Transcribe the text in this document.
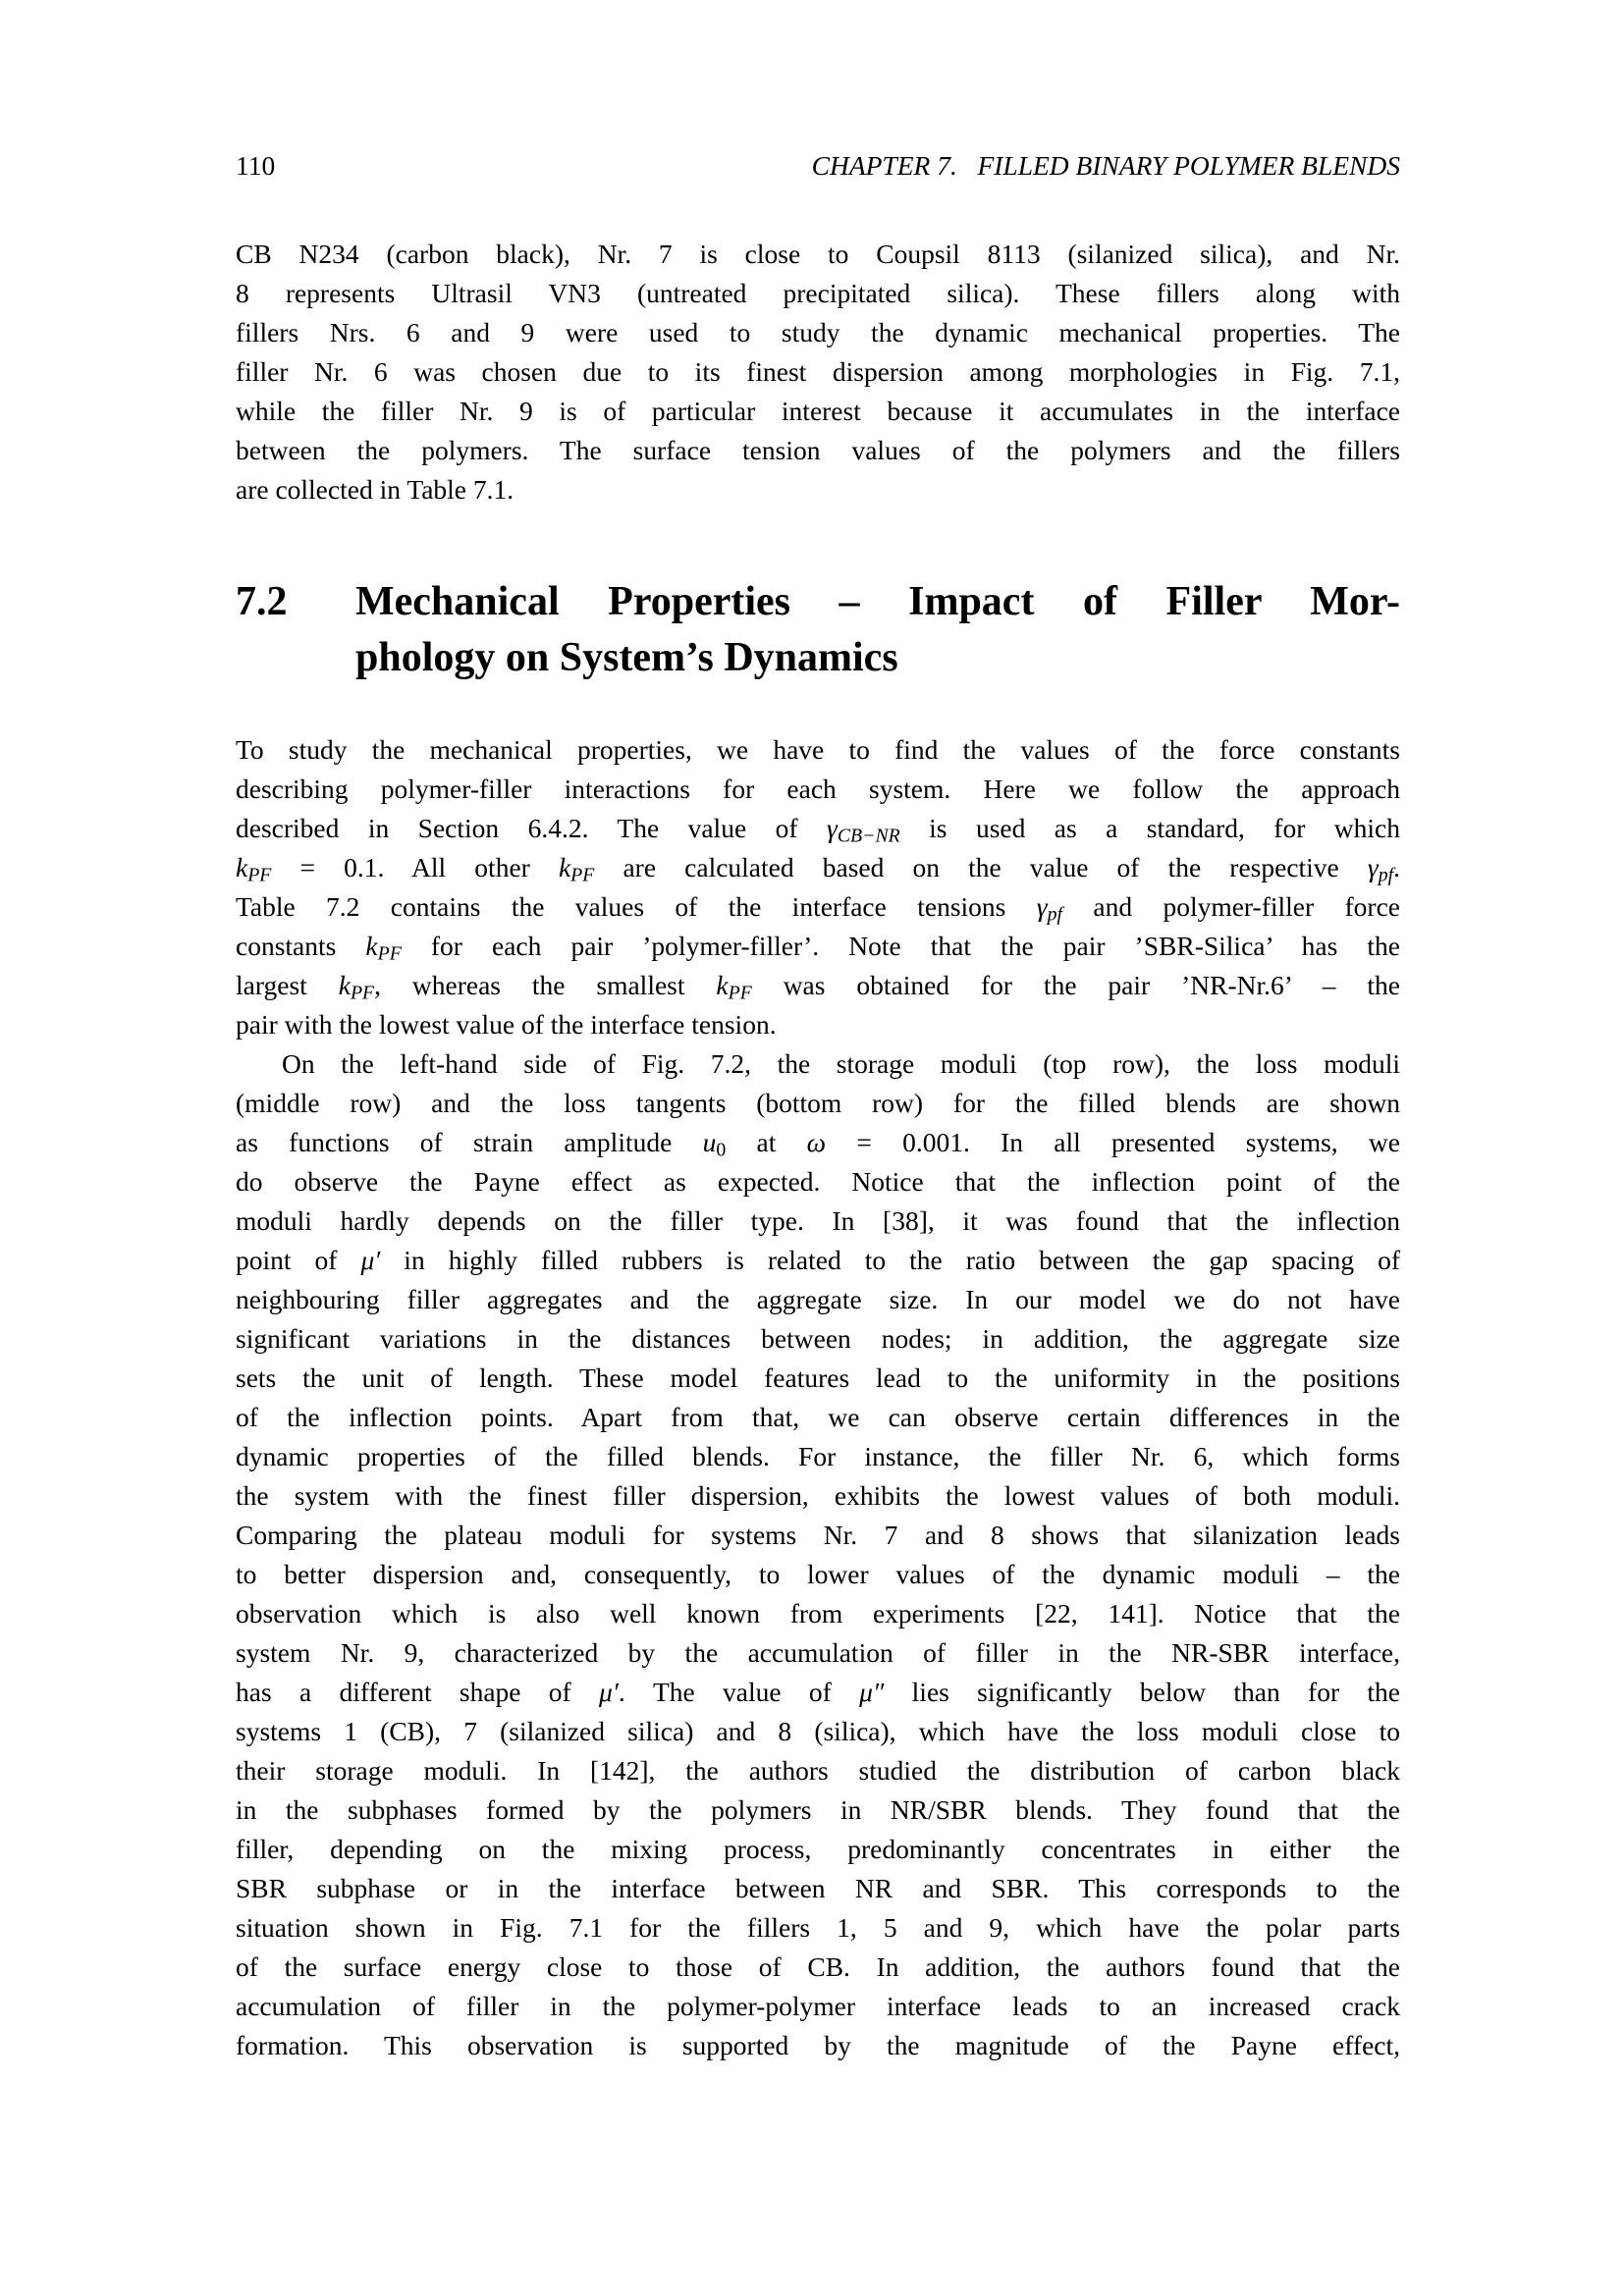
110	CHAPTER 7.  FILLED BINARY POLYMER BLENDS
CB N234 (carbon black), Nr. 7 is close to Coupsil 8113 (silanized silica), and Nr.
8 represents Ultrasil VN3 (untreated precipitated silica). These fillers along with
fillers Nrs. 6 and 9 were used to study the dynamic mechanical properties. The
filler Nr. 6 was chosen due to its finest dispersion among morphologies in Fig. 7.1,
while the filler Nr. 9 is of particular interest because it accumulates in the interface
between the polymers. The surface tension values of the polymers and the fillers
are collected in Table 7.1.
7.2	Mechanical Properties – Impact of Filler Mor-
phology on System’s Dynamics
To study the mechanical properties, we have to find the values of the force constants
describing polymer-filler interactions for each system. Here we follow the approach
described in Section 6.4.2. The value of $\gamma_{CB-NR}$ is used as a standard, for which
$k_{PF} = 0.1$. All other $k_{PF}$ are calculated based on the value of the respective $\gamma_{pf}$.
Table 7.2 contains the values of the interface tensions $\gamma_{pf}$ and polymer-filler force
constants $k_{PF}$ for each pair ’polymer-filler’. Note that the pair ’SBR-Silica’ has the
largest $k_{PF}$, whereas the smallest $k_{PF}$ was obtained for the pair ’NR-Nr.6’ – the
pair with the lowest value of the interface tension.
On the left-hand side of Fig. 7.2, the storage moduli (top row), the loss moduli
(middle row) and the loss tangents (bottom row) for the filled blends are shown
as functions of strain amplitude $u_0$ at ω = 0.001. In all presented systems, we
do observe the Payne effect as expected. Notice that the inflection point of the
moduli hardly depends on the filler type. In [38], it was found that the inflection
point of μ′ in highly filled rubbers is related to the ratio between the gap spacing of
neighbouring filler aggregates and the aggregate size. In our model we do not have
significant variations in the distances between nodes; in addition, the aggregate size
sets the unit of length. These model features lead to the uniformity in the positions
of the inflection points. Apart from that, we can observe certain differences in the
dynamic properties of the filled blends. For instance, the filler Nr. 6, which forms
the system with the finest filler dispersion, exhibits the lowest values of both moduli.
Comparing the plateau moduli for systems Nr. 7 and 8 shows that silanization leads
to better dispersion and, consequently, to lower values of the dynamic moduli – the
observation which is also well known from experiments [22, 141]. Notice that the
system Nr. 9, characterized by the accumulation of filler in the NR-SBR interface,
has a different shape of μ′. The value of μ″ lies significantly below than for the
systems 1 (CB), 7 (silanized silica) and 8 (silica), which have the loss moduli close to
their storage moduli. In [142], the authors studied the distribution of carbon black
in the subphases formed by the polymers in NR/SBR blends. They found that the
filler, depending on the mixing process, predominantly concentrates in either the
SBR subphase or in the interface between NR and SBR. This corresponds to the
situation shown in Fig. 7.1 for the fillers 1, 5 and 9, which have the polar parts
of the surface energy close to those of CB. In addition, the authors found that the
accumulation of filler in the polymer-polymer interface leads to an increased crack
formation. This observation is supported by the magnitude of the Payne effect,
